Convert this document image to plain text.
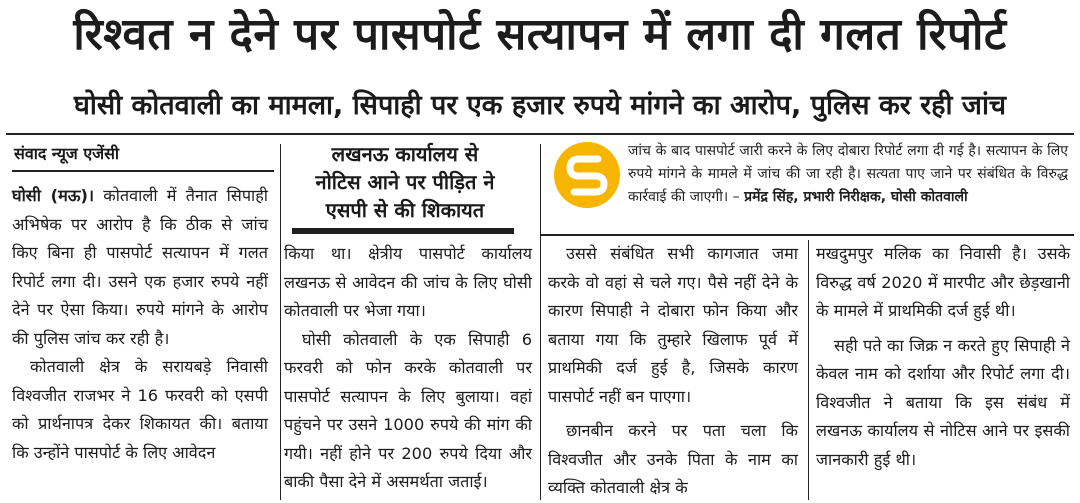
रिश्वत न देने पर पासपोर्ट सत्यापन में लगा दी गलत रिपोर्ट
घोसी कोतवाली का मामला, सिपाही पर एक हजार रुपये मांगने का आरोप, पुलिस कर रही जांच
संवाद न्यूज एजेंसी	लखनऊ कार्यालय से
नोटिस आने पर पीड़ित ने
एसपी से की शिकायत
जांच के बाद पासपोर्ट जारी करने के लिए दोबारा रिपोर्ट लगा दी गई है। सत्यापन के लिए रुपये मांगने के मामले में जांच की जा रही है। सत्यता पाए जाने पर संबंधित के विरुद्ध कार्रवाई की जाएगी। – प्रमेंद्र सिंह, प्रभारी निरीक्षक, घोसी कोतवाली

घोसी (मऊ)। कोतवाली में तैनात सिपाही अभिषेक पर आरोप है कि ठीक से जांच किए बिना ही पासपोर्ट सत्यापन में गलत रिपोर्ट लगा दी। उसने एक हजार रुपये नहीं देने पर ऐसा किया। रुपये मांगने के आरोप की पुलिस जांच कर रही है।

कोतवाली क्षेत्र के सरायबड़े निवासी विश्वजीत राजभर ने 16 फरवरी को एसपी को प्रार्थनापत्र देकर शिकायत की। बताया कि उन्होंने पासपोर्ट के लिए आवेदन

किया था। क्षेत्रीय पासपोर्ट कार्यालय लखनऊ से आवेदन की जांच के लिए घोसी कोतवाली पर भेजा गया।

घोसी कोतवाली के एक सिपाही 6 फरवरी को फोन करके कोतवाली पर पासपोर्ट सत्यापन के लिए बुलाया। वहां पहुंचने पर उसने 1000 रुपये की मांग की गयी। नहीं होने पर 200 रुपये दिया और बाकी पैसा देने में असमर्थता जताई।

उससे संबंधित सभी कागजात जमा करके वो वहां से चले गए। पैसे नहीं देने के कारण सिपाही ने दोबारा फोन किया और बताया गया कि तुम्हारे खिलाफ पूर्व में प्राथमिकी दर्ज हुई है, जिसके कारण पासपोर्ट नहीं बन पाएगा।

छानबीन करने पर पता चला कि विश्वजीत और उनके पिता के नाम का व्यक्ति कोतवाली क्षेत्र के

मखदुमपुर मलिक का निवासी है। उसके विरुद्ध वर्ष 2020 में मारपीट और छेड़खानी के मामले में प्राथमिकी दर्ज हुई थी।

सही पते का जिक्र न करते हुए सिपाही ने केवल नाम को दर्शाया और रिपोर्ट लगा दी। विश्वजीत ने बताया कि इस संबंध में लखनऊ कार्यालय से नोटिस आने पर इसकी जानकारी हुई थी।
